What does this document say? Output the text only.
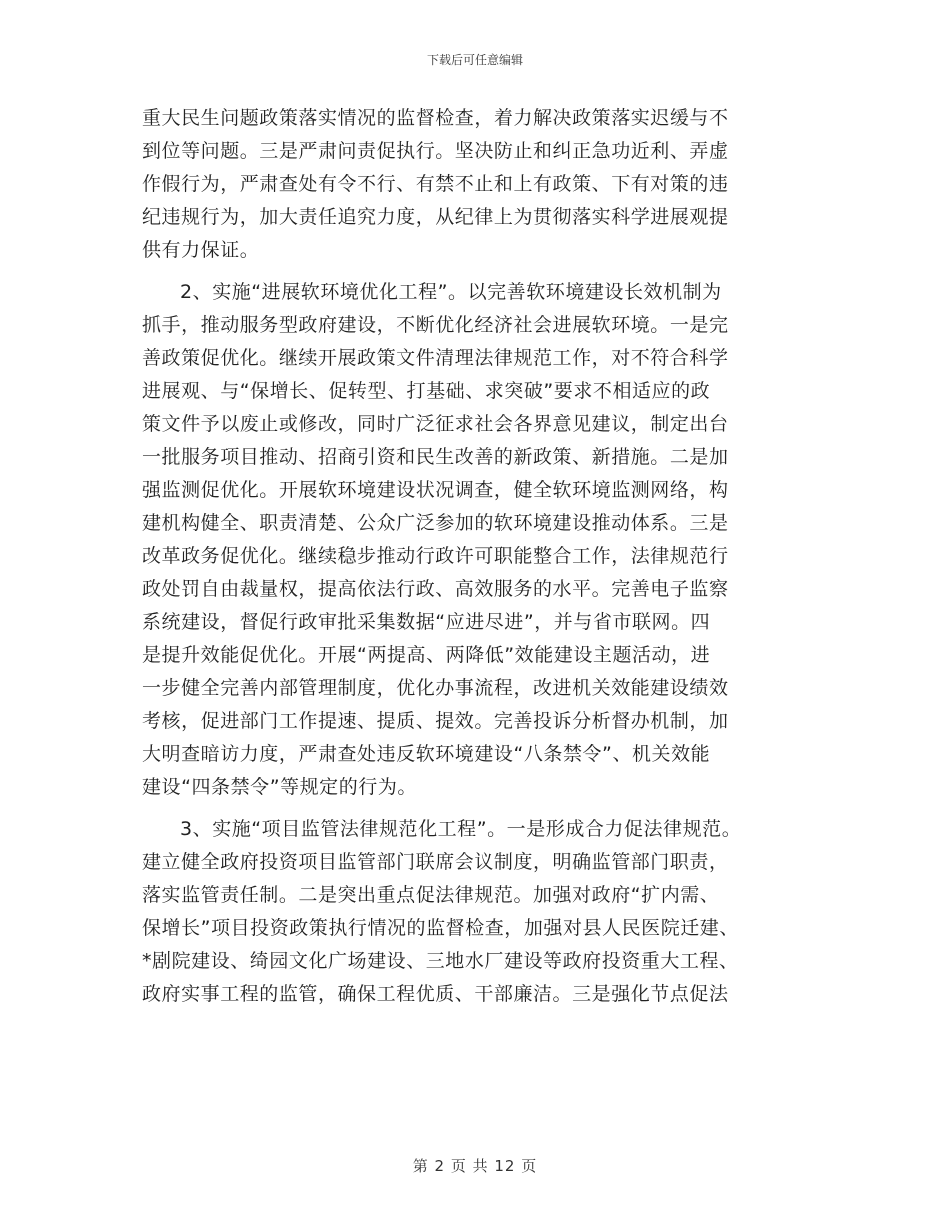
下载后可任意编辑
重大民生问题政策落实情况的监督检查，着力解决政策落实迟缓与不
到位等问题。三是严肃问责促执行。坚决防止和纠正急功近利、弄虚
作假行为，严肃查处有令不行、有禁不止和上有政策、下有对策的违
纪违规行为，加大责任追究力度，从纪律上为贯彻落实科学进展观提
供有力保证。
2、实施“进展软环境优化工程”。以完善软环境建设长效机制为
抓手，推动服务型政府建设，不断优化经济社会进展软环境。一是完
善政策促优化。继续开展政策文件清理法律规范工作，对不符合科学
进展观、与“保增长、促转型、打基础、求突破”要求不相适应的政
策文件予以废止或修改，同时广泛征求社会各界意见建议，制定出台
一批服务项目推动、招商引资和民生改善的新政策、新措施。二是加
强监测促优化。开展软环境建设状况调查，健全软环境监测网络，构
建机构健全、职责清楚、公众广泛参加的软环境建设推动体系。三是
改革政务促优化。继续稳步推动行政许可职能整合工作，法律规范行
政处罚自由裁量权，提高依法行政、高效服务的水平。完善电子监察
系统建设，督促行政审批采集数据“应进尽进”，并与省市联网。四
是提升效能促优化。开展“两提高、两降低”效能建设主题活动，进
一步健全完善内部管理制度，优化办事流程，改进机关效能建设绩效
考核，促进部门工作提速、提质、提效。完善投诉分析督办机制，加
大明查暗访力度，严肃查处违反软环境建设“八条禁令”、机关效能
建设“四条禁令”等规定的行为。
3、实施“项目监管法律规范化工程”。一是形成合力促法律规范。
建立健全政府投资项目监管部门联席会议制度，明确监管部门职责，
落实监管责任制。二是突出重点促法律规范。加强对政府“扩内需、
保增长”项目投资政策执行情况的监督检查，加强对县人民医院迁建、
*剧院建设、绮园文化广场建设、三地水厂建设等政府投资重大工程、
政府实事工程的监管，确保工程优质、干部廉洁。三是强化节点促法
第 2 页 共 12 页
